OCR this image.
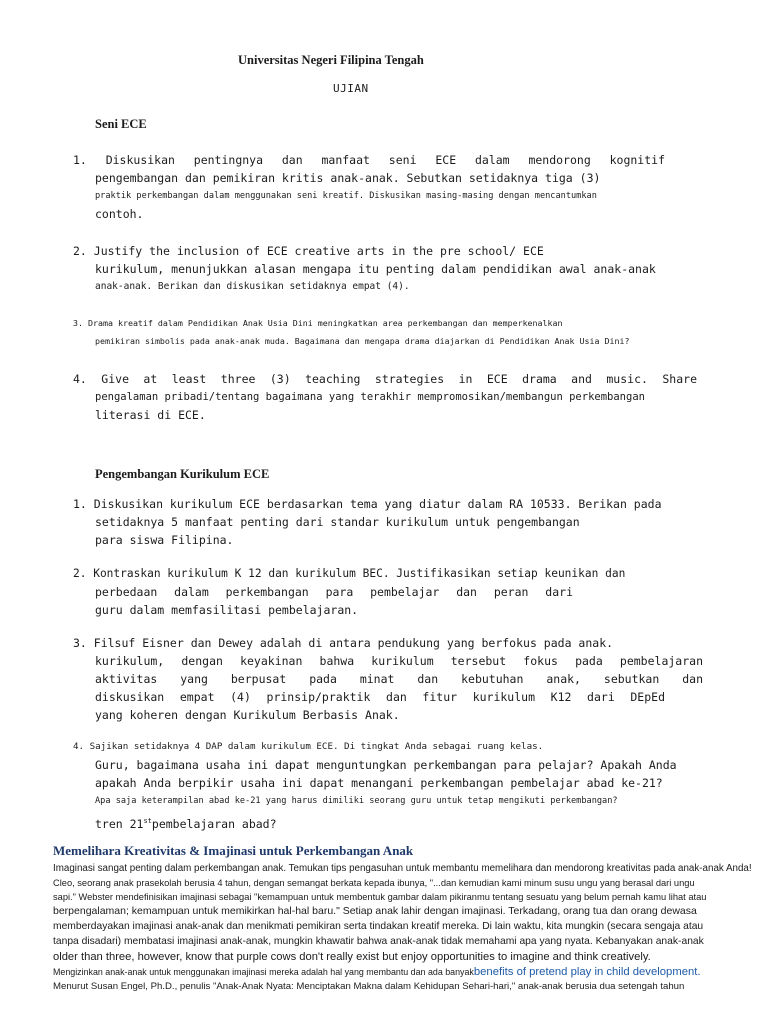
Universitas Negeri Filipina Tengah
UJIAN
Seni ECE
1. Diskusikan pentingnya dan manfaat seni ECE dalam mendorong kognitif
pengembangan dan pemikiran kritis anak-anak. Sebutkan setidaknya tiga (3)
praktik perkembangan dalam menggunakan seni kreatif. Diskusikan masing-masing dengan mencantumkan
contoh.
2. Justify the inclusion of ECE creative arts in the pre school/ ECE
kurikulum, menunjukkan alasan mengapa itu penting dalam pendidikan awal anak-anak
anak-anak. Berikan dan diskusikan setidaknya empat (4).
3. Drama kreatif dalam Pendidikan Anak Usia Dini meningkatkan area perkembangan dan memperkenalkan
pemikiran simbolis pada anak-anak muda. Bagaimana dan mengapa drama diajarkan di Pendidikan Anak Usia Dini?
4. Give at least three (3) teaching strategies in ECE drama and music. Share
pengalaman pribadi/tentang bagaimana yang terakhir mempromosikan/membangun perkembangan
literasi di ECE.
Pengembangan Kurikulum ECE
1. Diskusikan kurikulum ECE berdasarkan tema yang diatur dalam RA 10533. Berikan pada
setidaknya 5 manfaat penting dari standar kurikulum untuk pengembangan
para siswa Filipina.
2. Kontraskan kurikulum K 12 dan kurikulum BEC. Justifikasikan setiap keunikan dan
perbedaan dalam perkembangan para pembelajar dan peran dari
guru dalam memfasilitasi pembelajaran.
3. Filsuf Eisner dan Dewey adalah di antara pendukung yang berfokus pada anak.
kurikulum, dengan keyakinan bahwa kurikulum tersebut fokus pada pembelajaran
aktivitas yang berpusat pada minat dan kebutuhan anak, sebutkan dan
diskusikan empat (4) prinsip/praktik dan fitur kurikulum K12 dari DEpEd
yang koheren dengan Kurikulum Berbasis Anak.
4. Sajikan setidaknya 4 DAP dalam kurikulum ECE. Di tingkat Anda sebagai ruang kelas.
Guru, bagaimana usaha ini dapat menguntungkan perkembangan para pelajar? Apakah Anda
apakah Anda berpikir usaha ini dapat menangani perkembangan pembelajar abad ke-21?
Apa saja keterampilan abad ke-21 yang harus dimiliki seorang guru untuk tetap mengikuti perkembangan?
tren 21stpembelajaran abad?
Memelihara Kreativitas & Imajinasi untuk Perkembangan Anak

Imaginasi sangat penting dalam perkembangan anak. Temukan tips pengasuhan untuk membantu memelihara dan mendorong kreativitas pada anak-anak Anda!

Cleo, seorang anak prasekolah berusia 4 tahun, dengan semangat berkata kepada ibunya, "...dan kemudian kami minum susu ungu yang berasal dari ungu

sapi." Webster mendefinisikan imajinasi sebagai "kemampuan untuk membentuk gambar dalam pikiranmu tentang sesuatu yang belum pernah kamu lihat atau

berpengalaman; kemampuan untuk memikirkan hal-hal baru." Setiap anak lahir dengan imajinasi. Terkadang, orang tua dan orang dewasa

memberdayakan imajinasi anak-anak dan menikmati pemikiran serta tindakan kreatif mereka. Di lain waktu, kita mungkin (secara sengaja atau

tanpa disadari) membatasi imajinasi anak-anak, mungkin khawatir bahwa anak-anak tidak memahami apa yang nyata. Kebanyakan anak-anak

older than three, however, know that purple cows don't really exist but enjoy opportunities to imagine and think creatively.

Mengizinkan anak-anak untuk menggunakan imajinasi mereka adalah hal yang membantu dan ada banyakbenefits of pretend play in child development.

Menurut Susan Engel, Ph.D., penulis "Anak-Anak Nyata: Menciptakan Makna dalam Kehidupan Sehari-hari," anak-anak berusia dua setengah tahun
